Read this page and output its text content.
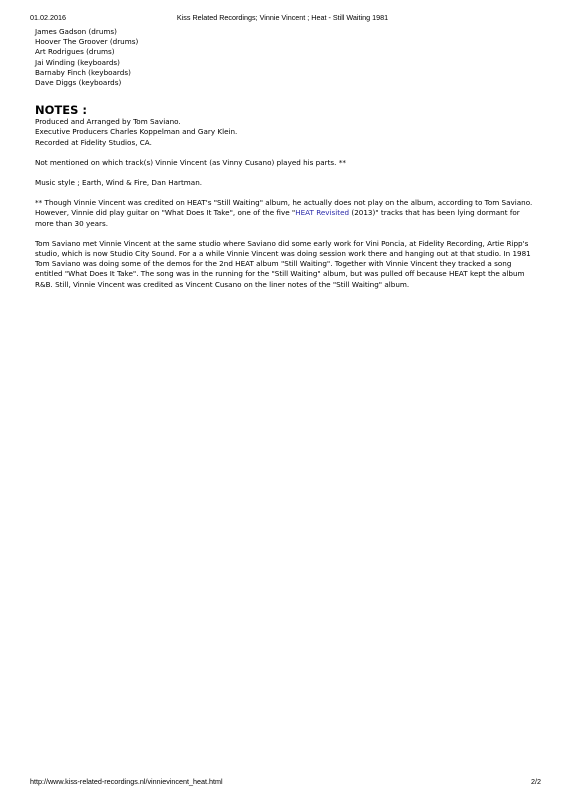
01.02.2016	Kiss Related Recordings; Vinnie Vincent ; Heat - Still Waiting 1981
James Gadson (drums)
Hoover The Groover (drums)
Art Rodrigues (drums)
Jai Winding (keyboards)
Barnaby Finch (keyboards)
Dave Diggs (keyboards)
NOTES :
Produced and Arranged by Tom Saviano.
Executive Producers Charles Koppelman and Gary Klein.
Recorded at Fidelity Studios, CA.

Not mentioned on which track(s) Vinnie Vincent (as Vinny Cusano) played his parts. **

Music style ; Earth, Wind & Fire, Dan Hartman.

** Though Vinnie Vincent was credited on HEAT's "Still Waiting" album, he actually does not play on the album, according to Tom Saviano. However, Vinnie did play guitar on "What Does It Take", one of the five "HEAT Revisited (2013)" tracks that has been lying dormant for more than 30 years.

Tom Saviano met Vinnie Vincent at the same studio where Saviano did some early work for Vini Poncia, at Fidelity Recording, Artie Ripp's studio, which is now Studio City Sound. For a a while Vinnie Vincent was doing session work there and hanging out at that studio. In 1981 Tom Saviano was doing some of the demos for the 2nd HEAT album "Still Waiting". Together with Vinnie Vincent they tracked a song entitled "What Does It Take". The song was in the running for the "Still Waiting" album, but was pulled off because HEAT kept the album R&B. Still, Vinnie Vincent was credited as Vincent Cusano on the liner notes of the "Still Waiting" album.

http://www.kiss-related-recordings.nl/vinnievincent_heat.html	2/2
